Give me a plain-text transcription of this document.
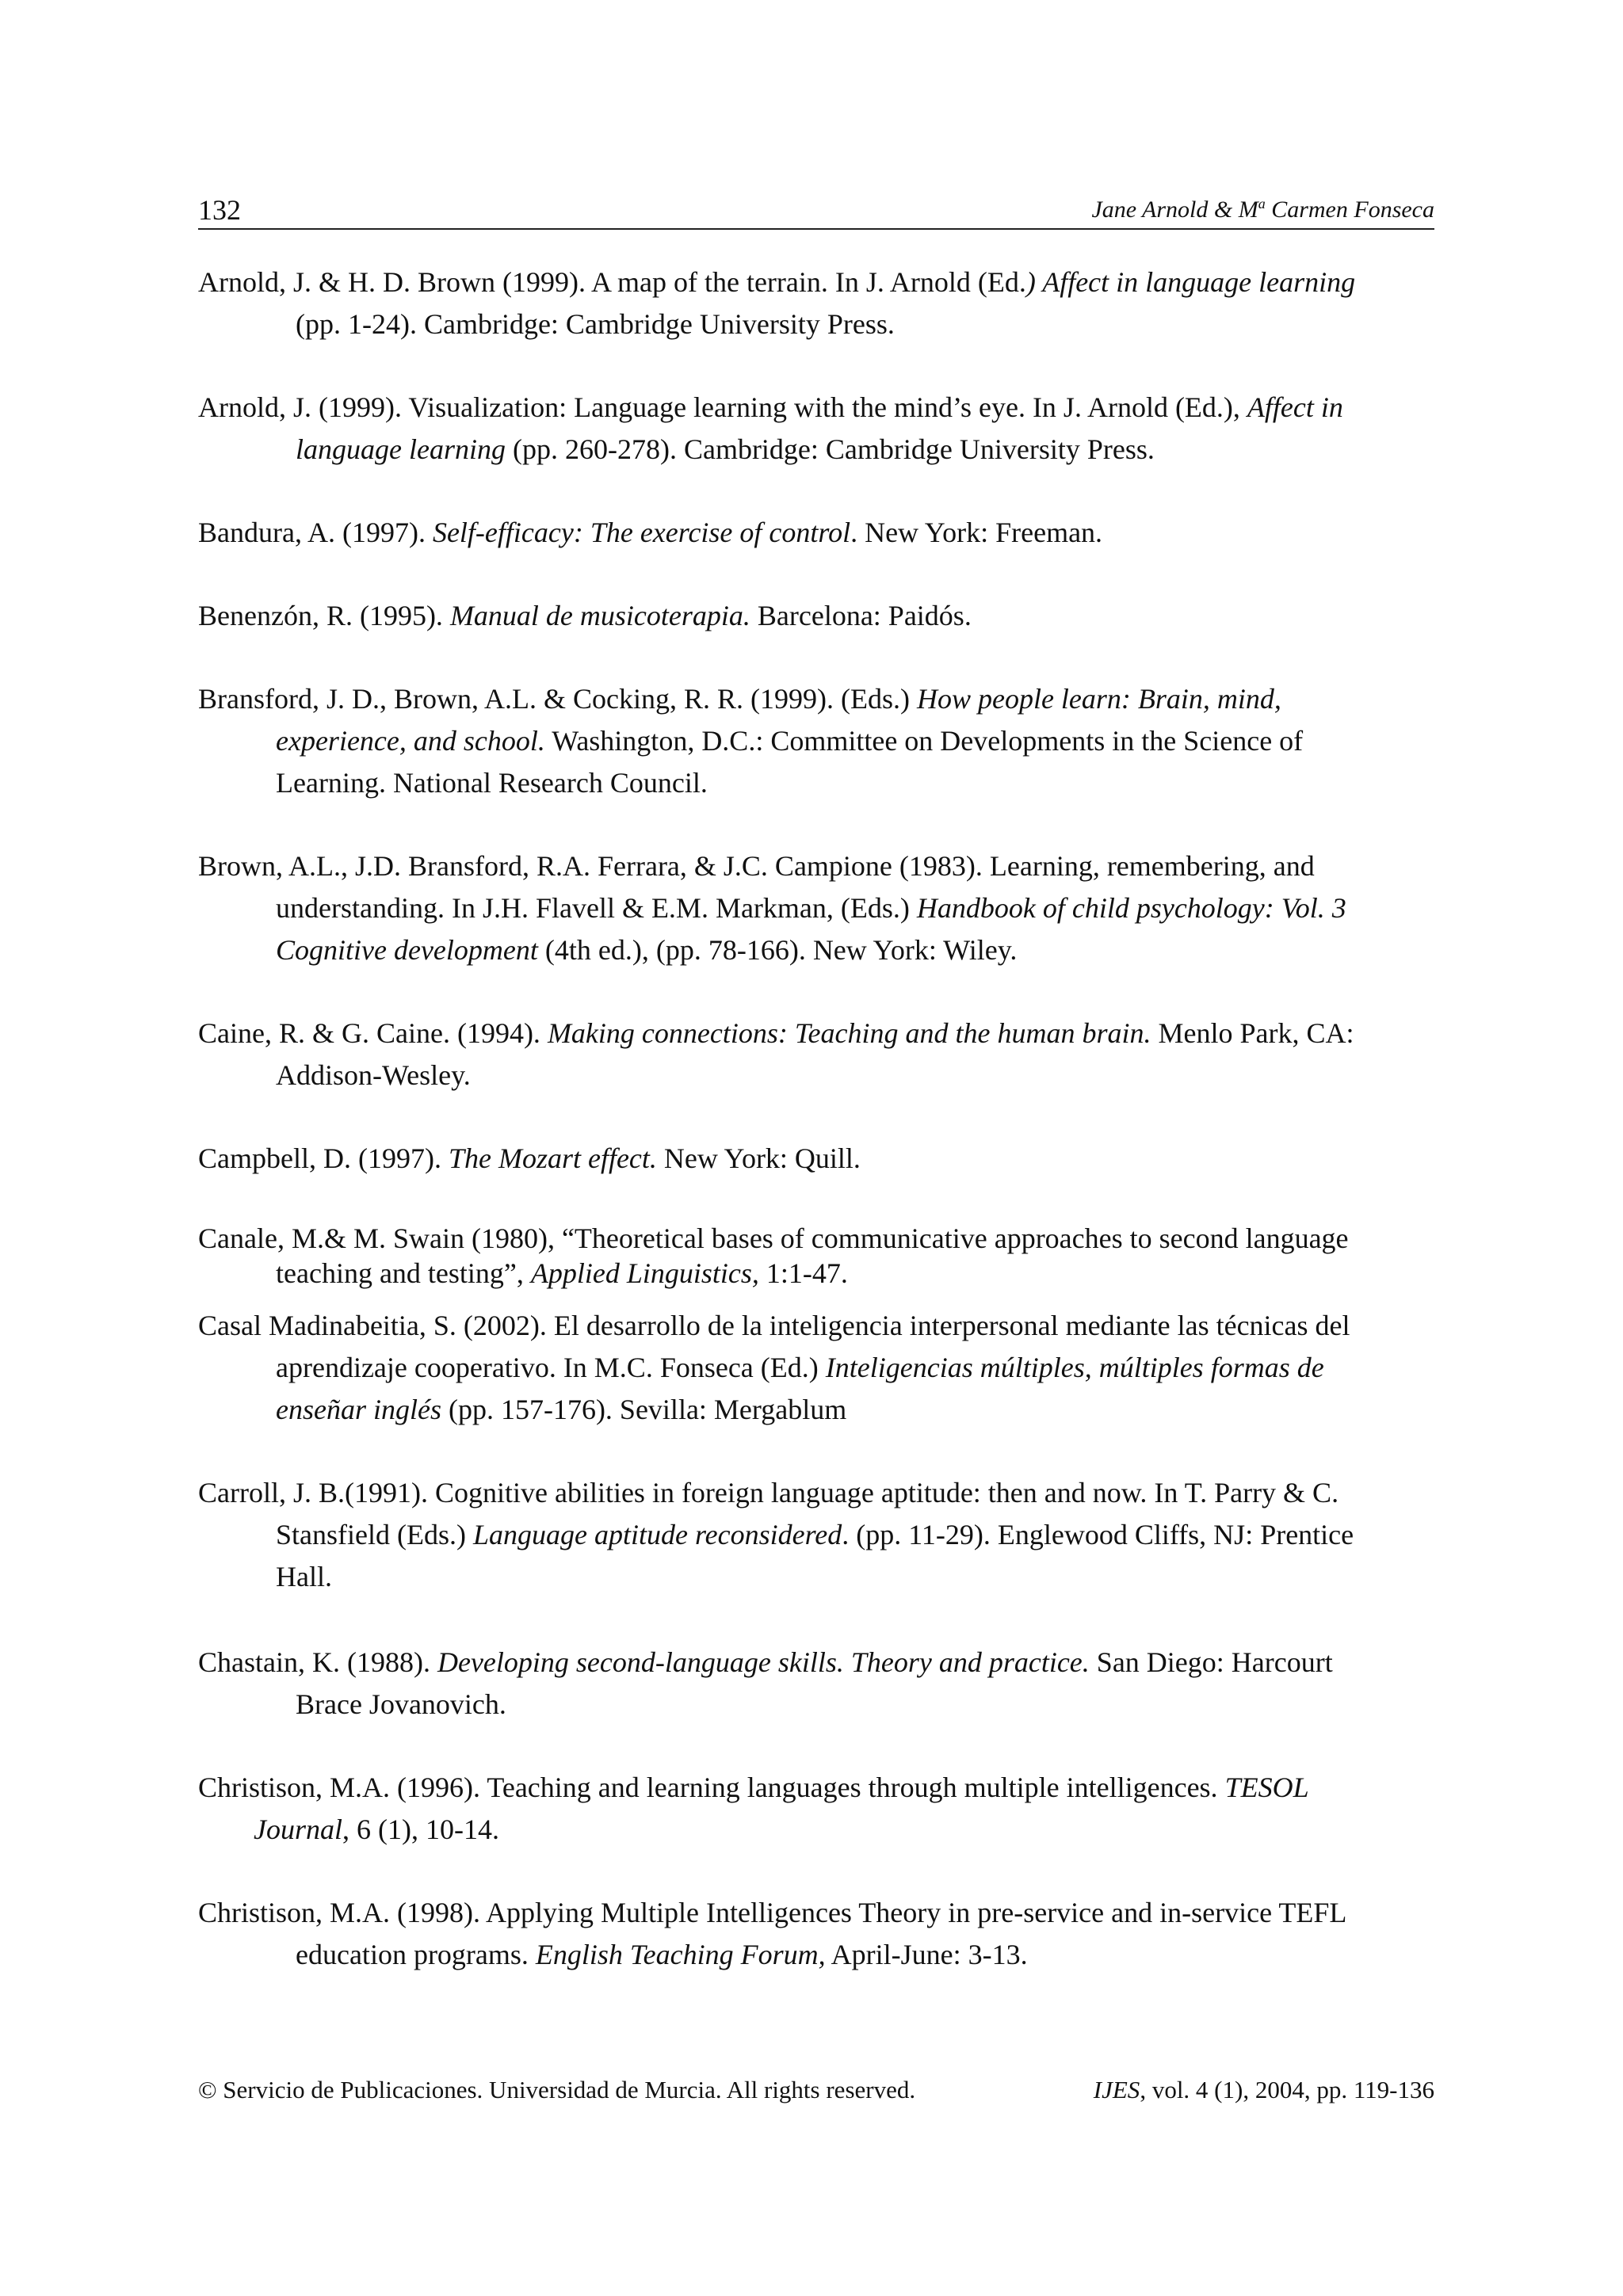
132	Jane Arnold & $M^a$ Carmen Fonseca
Arnold, J. & H. D. Brown (1999). A map of the terrain. In J. Arnold (Ed.) Affect in language learning
(pp. 1-24). Cambridge: Cambridge University Press.
Arnold, J. (1999). Visualization: Language learning with the mind’s eye. In J. Arnold (Ed.), Affect in
language learning (pp. 260-278). Cambridge: Cambridge University Press.
Bandura, A. (1997). Self-efficacy: The exercise of control. New York: Freeman.
Benenzón, R. (1995). Manual de musicoterapia. Barcelona: Paidós.
Bransford, J. D., Brown, A.L. & Cocking, R. R. (1999). (Eds.) How people learn: Brain, mind,
experience, and school. Washington, D.C.: Committee on Developments in the Science of
Learning. National Research Council.
Brown, A.L., J.D. Bransford, R.A. Ferrara, & J.C. Campione (1983). Learning, remembering, and
understanding. In J.H. Flavell & E.M. Markman, (Eds.) Handbook of child psychology: Vol. 3
Cognitive development (4th ed.), (pp. 78-166). New York: Wiley.
Caine, R. & G. Caine. (1994). Making connections: Teaching and the human brain. Menlo Park, CA:
Addison-Wesley.
Campbell, D. (1997). The Mozart effect. New York: Quill.
Canale, M.& M. Swain (1980), “Theoretical bases of communicative approaches to second language
teaching and testing”, Applied Linguistics, 1:1-47.
Casal Madinabeitia, S. (2002). El desarrollo de la inteligencia interpersonal mediante las técnicas del
aprendizaje cooperativo. In M.C. Fonseca (Ed.) Inteligencias múltiples, múltiples formas de
enseñar inglés (pp. 157-176). Sevilla: Mergablum
Carroll, J. B.(1991). Cognitive abilities in foreign language aptitude: then and now. In T. Parry & C.
Stansfield (Eds.) Language aptitude reconsidered. (pp. 11-29). Englewood Cliffs, NJ: Prentice
Hall.
Chastain, K. (1988). Developing second-language skills. Theory and practice. San Diego: Harcourt
Brace Jovanovich.
Christison, M.A. (1996). Teaching and learning languages through multiple intelligences. TESOL
Journal, 6 (1), 10-14.
Christison, M.A. (1998). Applying Multiple Intelligences Theory in pre-service and in-service TEFL
education programs. English Teaching Forum, April-June: 3-13.
© Servicio de Publicaciones. Universidad de Murcia. All rights reserved.	IJES, vol. 4 (1), 2004, pp. 119-136
